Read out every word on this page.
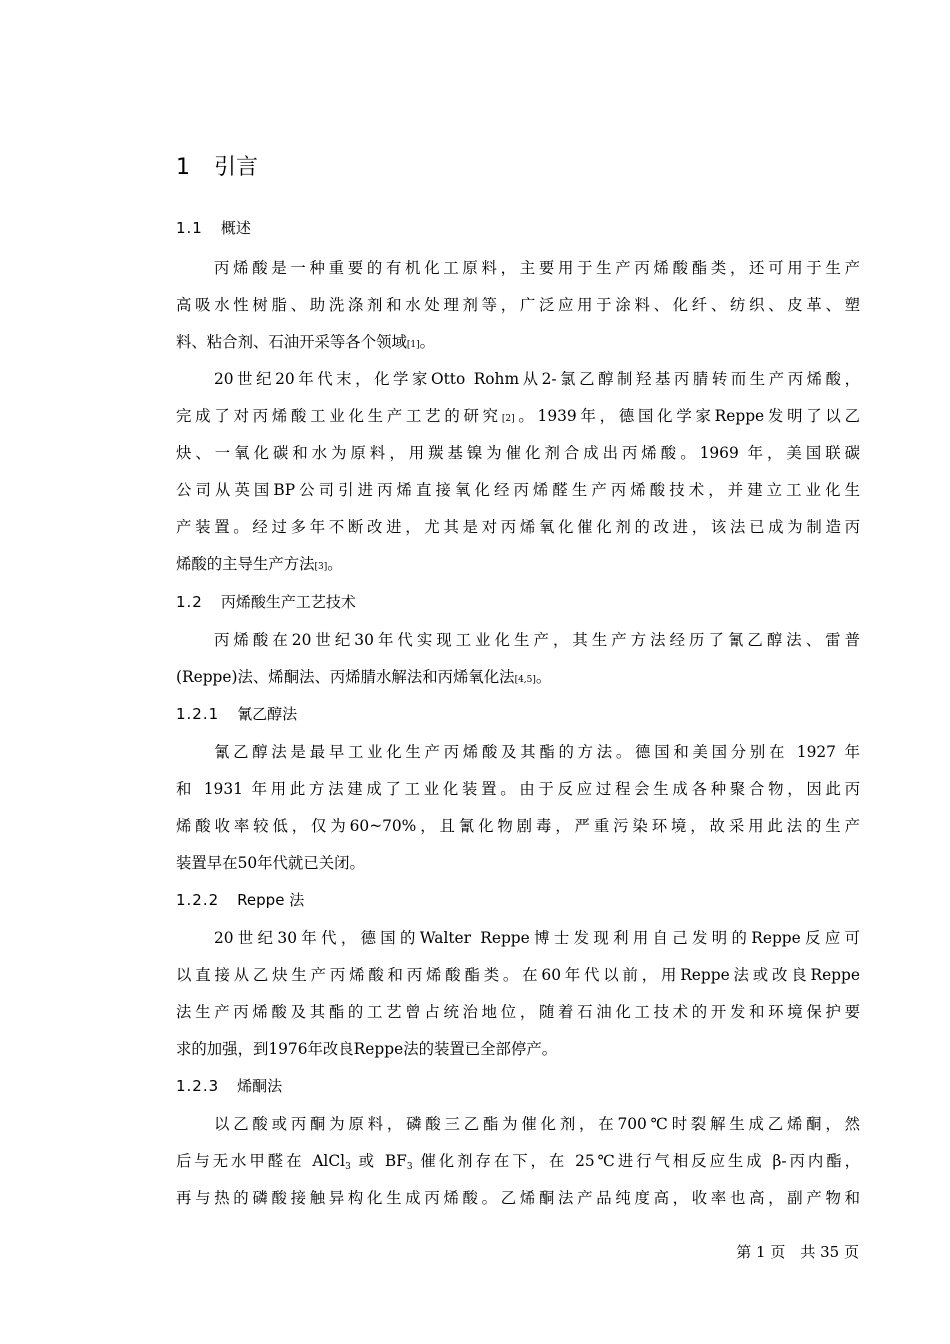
1 引言
1.1 概述
丙烯酸是一种重要的有机化工原料，主要用于生产丙烯酸酯类，还可用于生产
高吸水性树脂、助洗涤剂和水处理剂等，广泛应用于涂料、化纤、纺织、皮革、塑
料、粘合剂、石油开采等各个领域[1]。
20世纪20年代末，化学家Otto Rohm从2-氯乙醇制羟基丙腈转而生产丙烯酸，
完成了对丙烯酸工业化生产工艺的研究[2]。1939年，德国化学家Reppe发明了以乙
炔、一氧化碳和水为原料，用羰基镍为催化剂合成出丙烯酸。1969 年，美国联碳
公司从英国BP公司引进丙烯直接氧化经丙烯醛生产丙烯酸技术，并建立工业化生
产装置。经过多年不断改进，尤其是对丙烯氧化催化剂的改进，该法已成为制造丙
烯酸的主导生产方法[3]。
1.2 丙烯酸生产工艺技术
丙烯酸在20世纪30年代实现工业化生产，其生产方法经历了氰乙醇法、雷普
(Reppe)法、烯酮法、丙烯腈水解法和丙烯氧化法[4,5]。
1.2.1 氰乙醇法
氰乙醇法是最早工业化生产丙烯酸及其酯的方法。德国和美国分别在 1927 年
和 1931 年用此方法建成了工业化装置。由于反应过程会生成各种聚合物，因此丙
烯酸收率较低，仅为60~70%，且氰化物剧毒，严重污染环境，故采用此法的生产
装置早在50年代就已关闭。
1.2.2 Reppe 法
20世纪30年代，德国的Walter Reppe博士发现利用自己发明的Reppe反应可
以直接从乙炔生产丙烯酸和丙烯酸酯类。在60年代以前，用Reppe法或改良Reppe
法生产丙烯酸及其酯的工艺曾占统治地位，随着石油化工技术的开发和环境保护要
求的加强，到1976年改良Reppe法的装置已全部停产。
1.2.3 烯酮法
以乙酸或丙酮为原料，磷酸三乙酯为催化剂，在700℃时裂解生成乙烯酮，然
后与无水甲醛在 AlCl$_3$ 或 $BF_3$ 催化剂存在下，在 25℃进行气相反应生成 β-丙内酯，
再与热的磷酸接触异构化生成丙烯酸。乙烯酮法产品纯度高，收率也高，副产物和
第 1 页　共 35 页
